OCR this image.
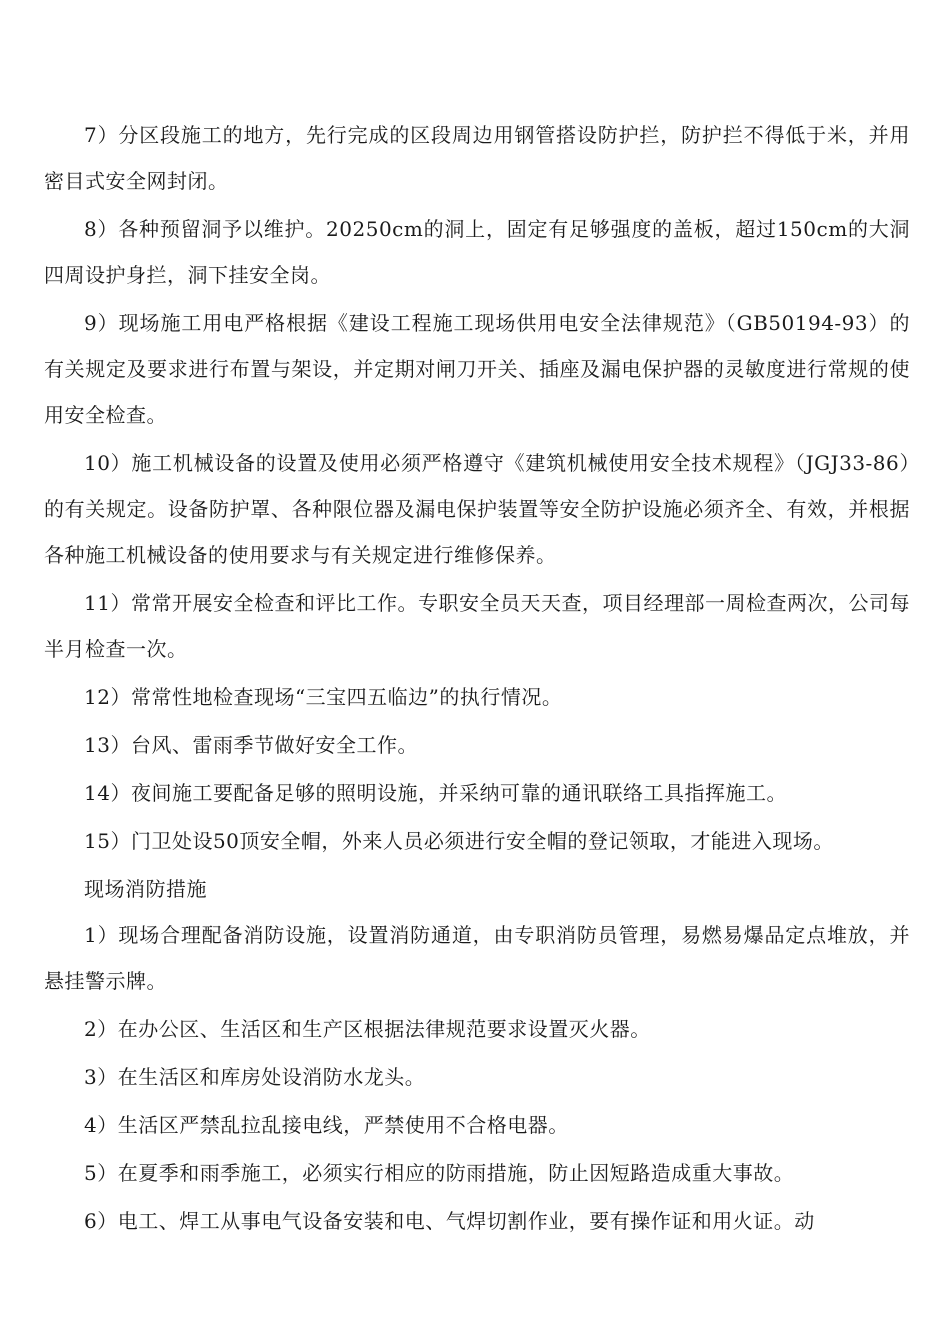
7）分区段施工的地方，先行完成的区段周边用钢管搭设防护拦，防护拦不得低于米，并用密目式安全网封闭。

8）各种预留洞予以维护。20250cm的洞上，固定有足够强度的盖板，超过150cm的大洞四周设护身拦，洞下挂安全岗。

9）现场施工用电严格根据《建设工程施工现场供用电安全法律规范》（GB50194-93）的有关规定及要求进行布置与架设，并定期对闸刀开关、插座及漏电保护器的灵敏度进行常规的使用安全检查。

10）施工机械设备的设置及使用必须严格遵守《建筑机械使用安全技术规程》（JGJ33-86）的有关规定。设备防护罩、各种限位器及漏电保护装置等安全防护设施必须齐全、有效，并根据各种施工机械设备的使用要求与有关规定进行维修保养。

11）常常开展安全检查和评比工作。专职安全员天天查，项目经理部一周检查两次，公司每半月检查一次。

12）常常性地检查现场“三宝四五临边”的执行情况。

13）台风、雷雨季节做好安全工作。

14）夜间施工要配备足够的照明设施，并采纳可靠的通讯联络工具指挥施工。

15）门卫处设50顶安全帽，外来人员必须进行安全帽的登记领取，才能进入现场。

现场消防措施

1）现场合理配备消防设施，设置消防通道，由专职消防员管理，易燃易爆品定点堆放，并悬挂警示牌。

2）在办公区、生活区和生产区根据法律规范要求设置灭火器。

3）在生活区和库房处设消防水龙头。

4）生活区严禁乱拉乱接电线，严禁使用不合格电器。

5）在夏季和雨季施工，必须实行相应的防雨措施，防止因短路造成重大事故。

6）电工、焊工从事电气设备安装和电、气焊切割作业，要有操作证和用火证。动
